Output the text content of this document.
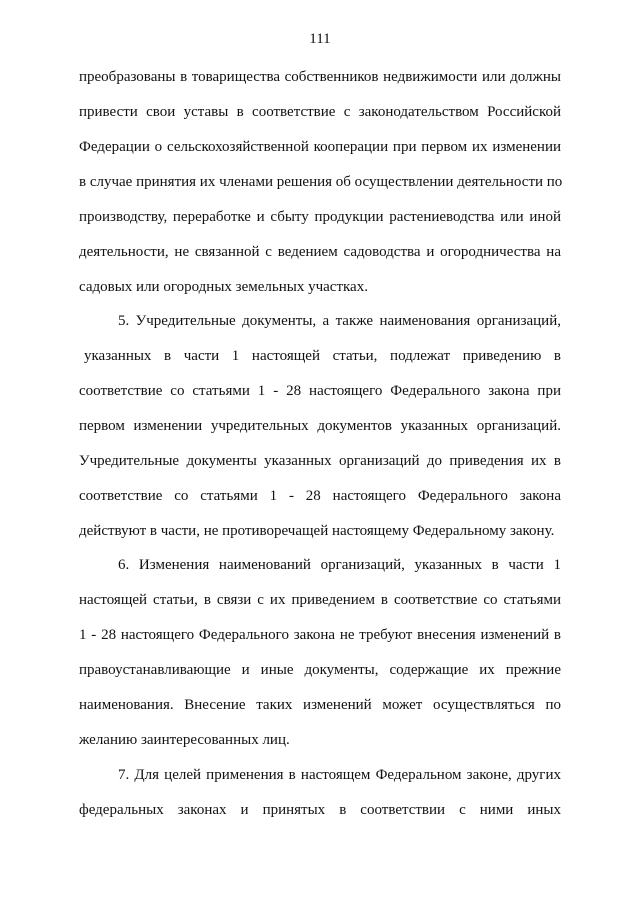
111
преобразованы в товарищества собственников недвижимости или должны
привести свои уставы в соответствие с законодательством Российской
Федерации о сельскохозяйственной кооперации при первом их изменении
в случае принятия их членами решения об осуществлении деятельности по
производству, переработке и сбыту продукции растениеводства или иной
деятельности, не связанной с ведением садоводства и огородничества на
садовых или огородных земельных участках.
5. Учредительные документы, а также наименования организаций,
указанных в части 1 настоящей статьи, подлежат приведению в
соответствие со статьями 1 - 28 настоящего Федерального закона при
первом изменении учредительных документов указанных организаций.
Учредительные документы указанных организаций до приведения их в
соответствие со статьями 1 - 28 настоящего Федерального закона
действуют в части, не противоречащей настоящему Федеральному закону.
6. Изменения наименований организаций, указанных в части 1
настоящей статьи, в связи с их приведением в соответствие со статьями
1 - 28 настоящего Федерального закона не требуют внесения изменений в
правоустанавливающие и иные документы, содержащие их прежние
наименования. Внесение таких изменений может осуществляться по
желанию заинтересованных лиц.
7. Для целей применения в настоящем Федеральном законе, других
федеральных законах и принятых в соответствии с ними иных
